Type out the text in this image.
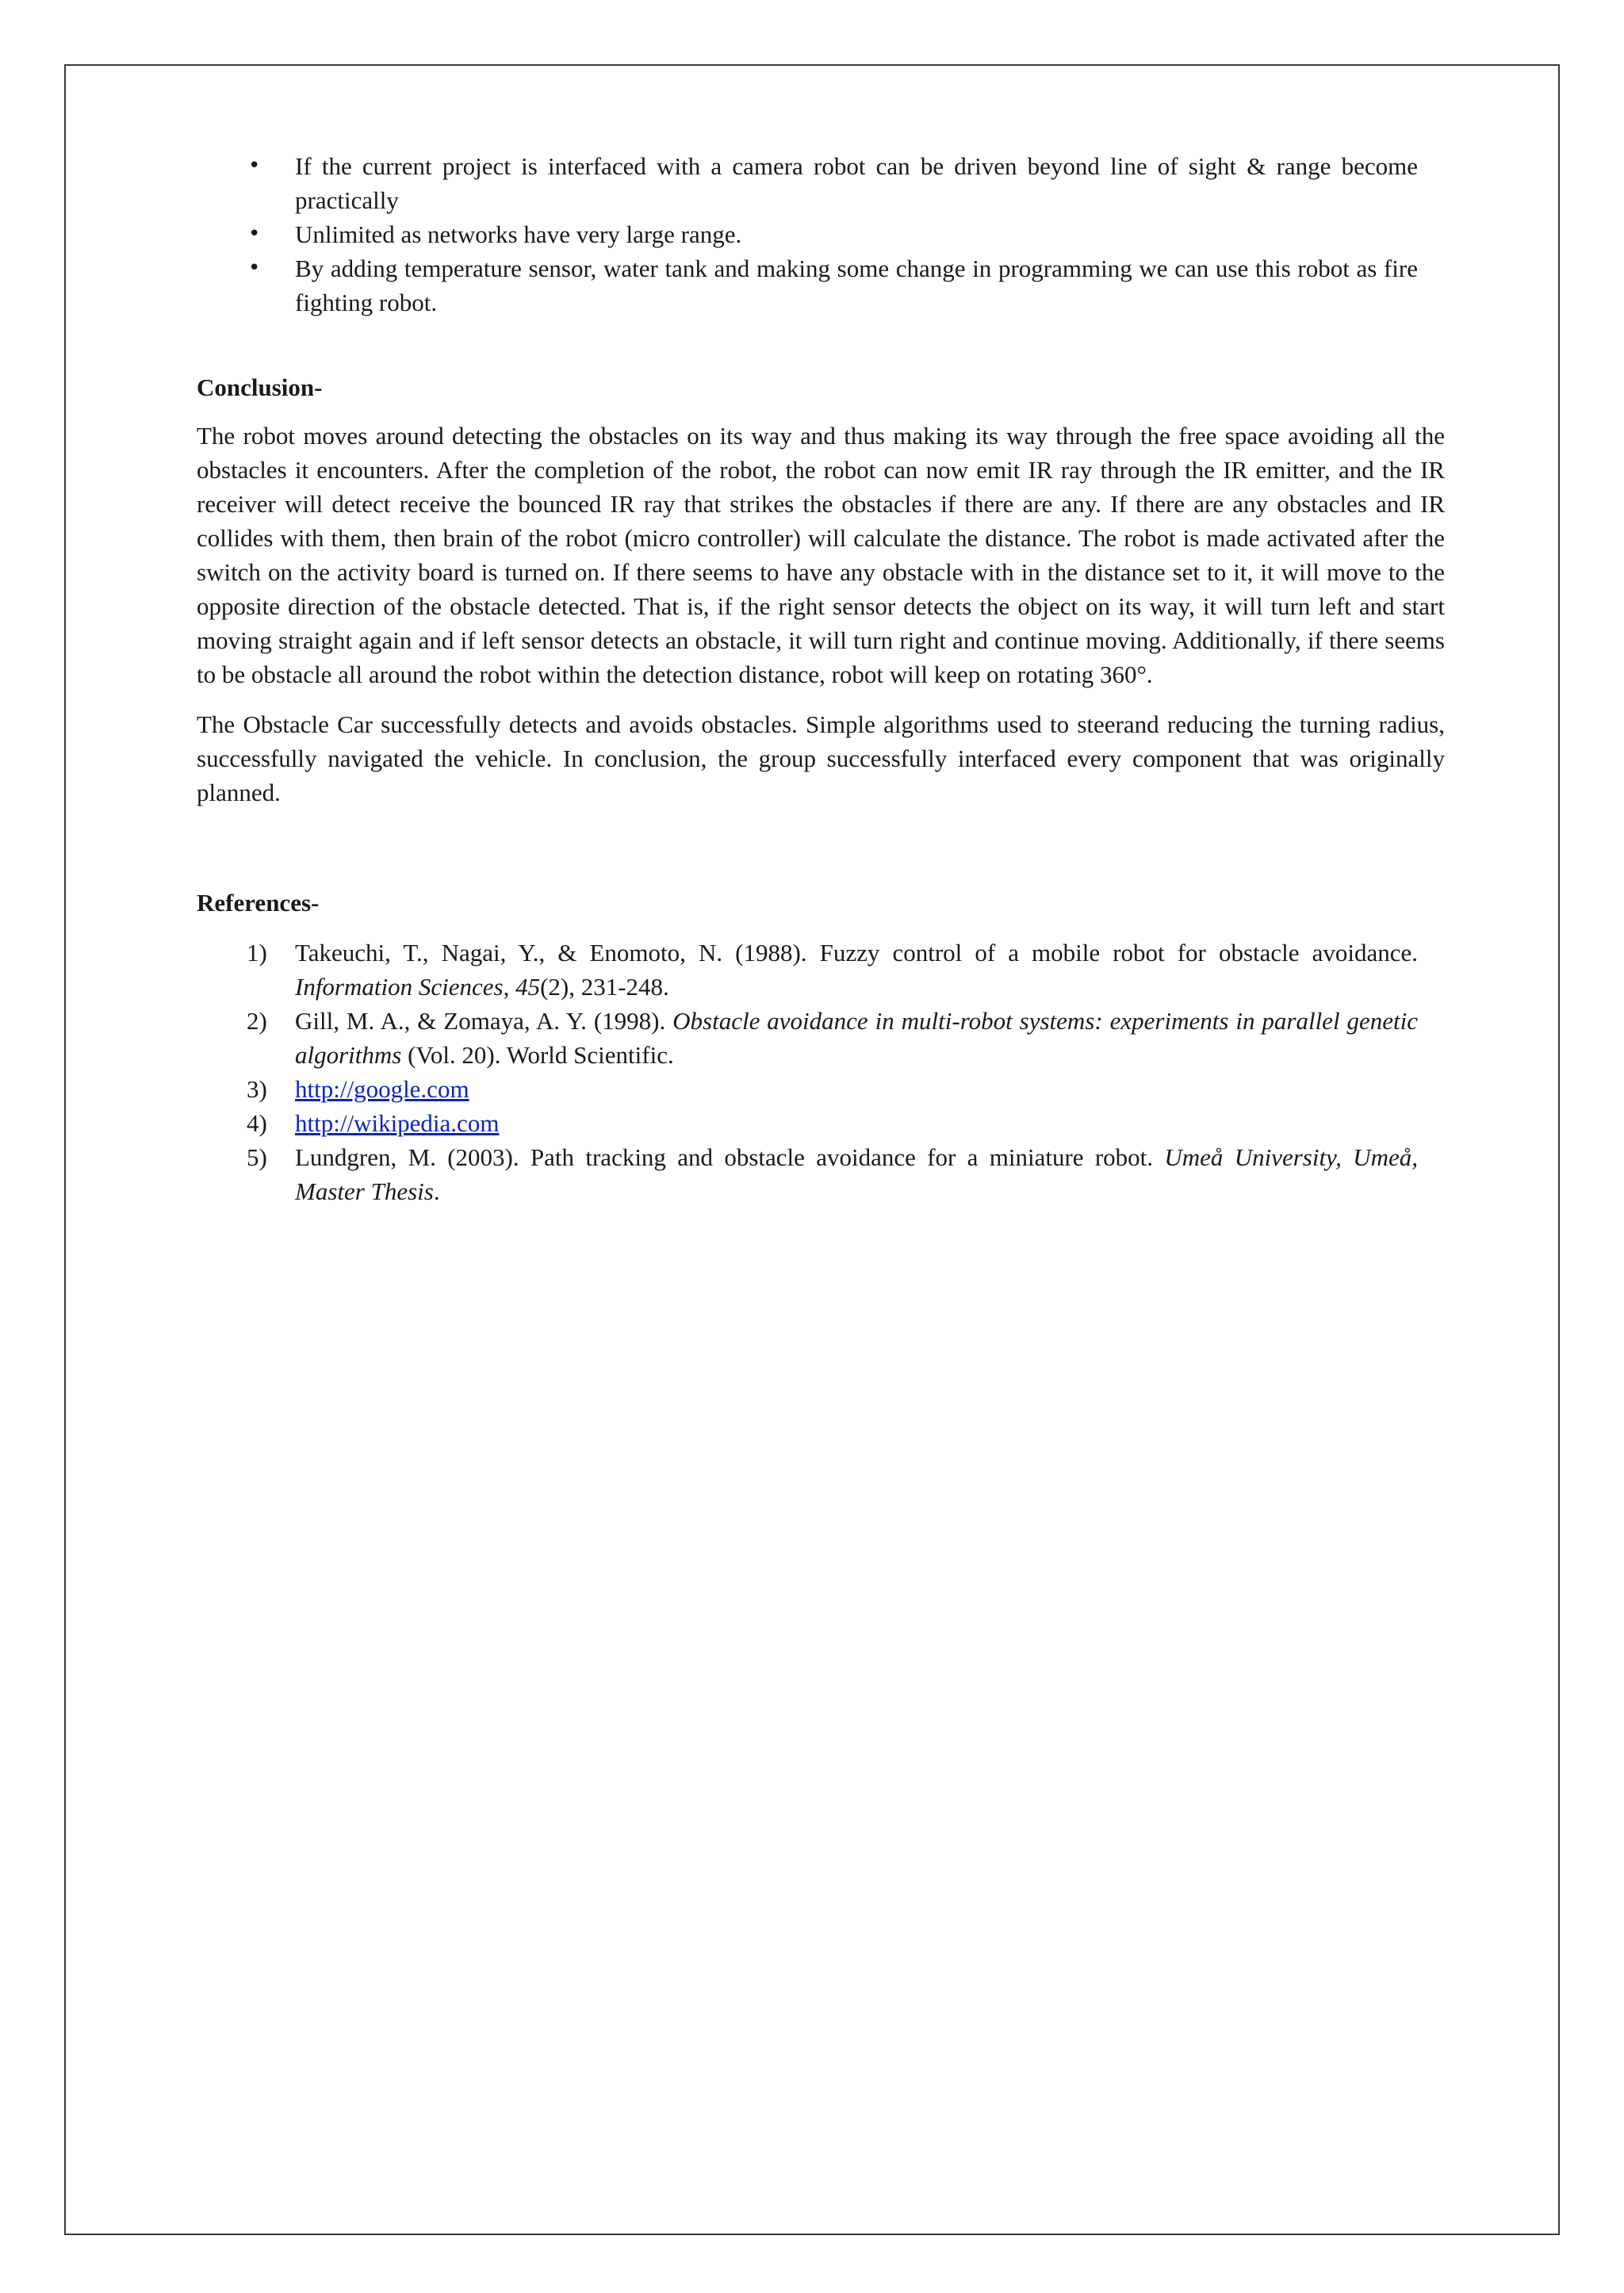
• If the current project is interfaced with a camera robot can be driven beyond line of sight & range become practically
• Unlimited as networks have very large range.
• By adding temperature sensor, water tank and making some change in programming we can use this robot as fire fighting robot.
Conclusion-

The robot moves around detecting the obstacles on its way and thus making its way through the free space avoiding all the obstacles it encounters. After the completion of the robot, the robot can now emit IR ray through the IR emitter, and the IR receiver will detect receive the bounced IR ray that strikes the obstacles if there are any. If there are any obstacles and IR collides with them, then brain of the robot (micro controller) will calculate the distance. The robot is made activated after the switch on the activity board is turned on. If there seems to have any obstacle with in the distance set to it, it will move to the opposite direction of the obstacle detected. That is, if the right sensor detects the object on its way, it will turn left and start moving straight again and if left sensor detects an obstacle, it will turn right and continue moving. Additionally, if there seems to be obstacle all around the robot within the detection distance, robot will keep on rotating 360°.

The Obstacle Car successfully detects and avoids obstacles. Simple algorithms used to steerand reducing the turning radius, successfully navigated the vehicle. In conclusion, the group successfully interfaced every component that was originally planned.

References-
1) Takeuchi, T., Nagai, Y., & Enomoto, N. (1988). Fuzzy control of a mobile robot for obstacle avoidance. Information Sciences, 45(2), 231-248.
2) Gill, M. A., & Zomaya, A. Y. (1998). Obstacle avoidance in multi-robot systems: experiments in parallel genetic algorithms (Vol. 20). World Scientific.
3) http://google.com
4) http://wikipedia.com
5) Lundgren, M. (2003). Path tracking and obstacle avoidance for a miniature robot. Umeå University, Umeå, Master Thesis.
